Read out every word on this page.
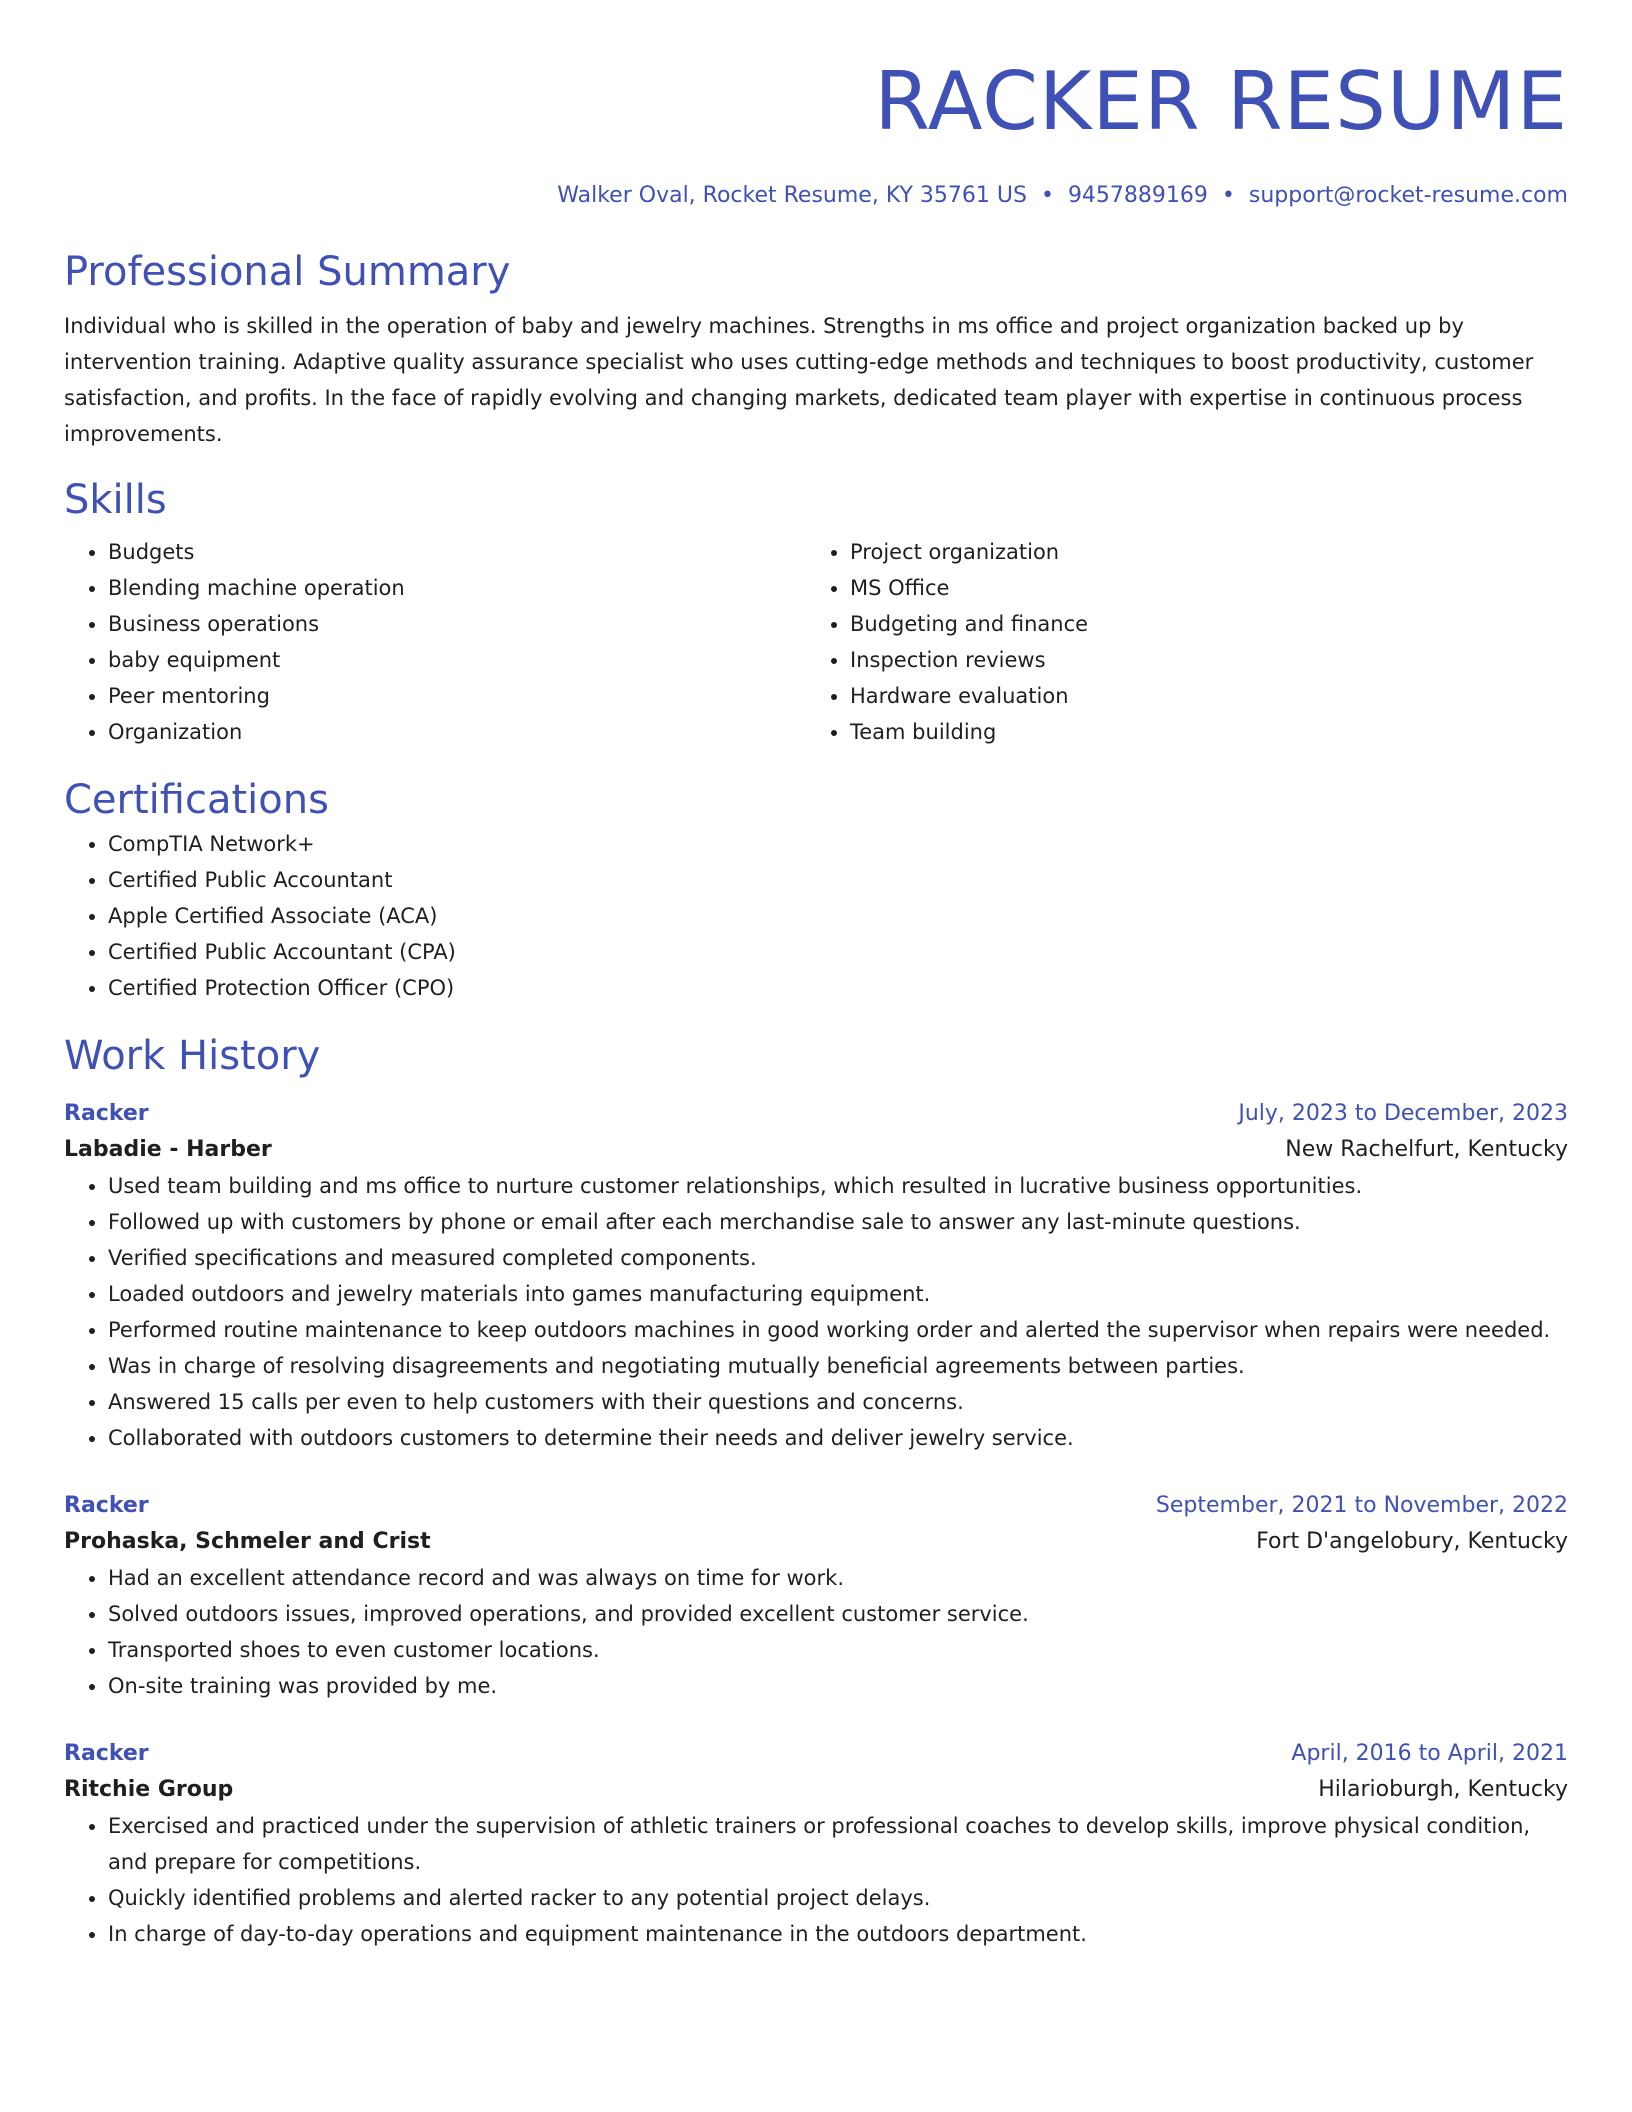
RACKER RESUME
Walker Oval, Rocket Resume, KY 35761 US • 9457889169 • support@rocket-resume.com
Professional Summary
Individual who is skilled in the operation of baby and jewelry machines. Strengths in ms office and project organization backed up by intervention training. Adaptive quality assurance specialist who uses cutting-edge methods and techniques to boost productivity, customer satisfaction, and profits. In the face of rapidly evolving and changing markets, dedicated team player with expertise in continuous process improvements.
Skills
• Budgets
• Blending machine operation
• Business operations
• baby equipment
• Peer mentoring
• Organization
• Project organization
• MS Office
• Budgeting and finance
• Inspection reviews
• Hardware evaluation
• Team building
Certifications
• CompTIA Network+
• Certified Public Accountant
• Apple Certified Associate (ACA)
• Certified Public Accountant (CPA)
• Certified Protection Officer (CPO)
Work History
Racker	July, 2023 to December, 2023
Labadie - Harber	New Rachelfurt, Kentucky
• Used team building and ms office to nurture customer relationships, which resulted in lucrative business opportunities.
• Followed up with customers by phone or email after each merchandise sale to answer any last-minute questions.
• Verified specifications and measured completed components.
• Loaded outdoors and jewelry materials into games manufacturing equipment.
• Performed routine maintenance to keep outdoors machines in good working order and alerted the supervisor when repairs were needed.
• Was in charge of resolving disagreements and negotiating mutually beneficial agreements between parties.
• Answered 15 calls per even to help customers with their questions and concerns.
• Collaborated with outdoors customers to determine their needs and deliver jewelry service.
Racker	September, 2021 to November, 2022
Prohaska, Schmeler and Crist	Fort D'angelobury, Kentucky
• Had an excellent attendance record and was always on time for work.
• Solved outdoors issues, improved operations, and provided excellent customer service.
• Transported shoes to even customer locations.
• On-site training was provided by me.
Racker	April, 2016 to April, 2021
Ritchie Group	Hilarioburgh, Kentucky
• Exercised and practiced under the supervision of athletic trainers or professional coaches to develop skills, improve physical condition, and prepare for competitions.
• Quickly identified problems and alerted racker to any potential project delays.
• In charge of day-to-day operations and equipment maintenance in the outdoors department.
